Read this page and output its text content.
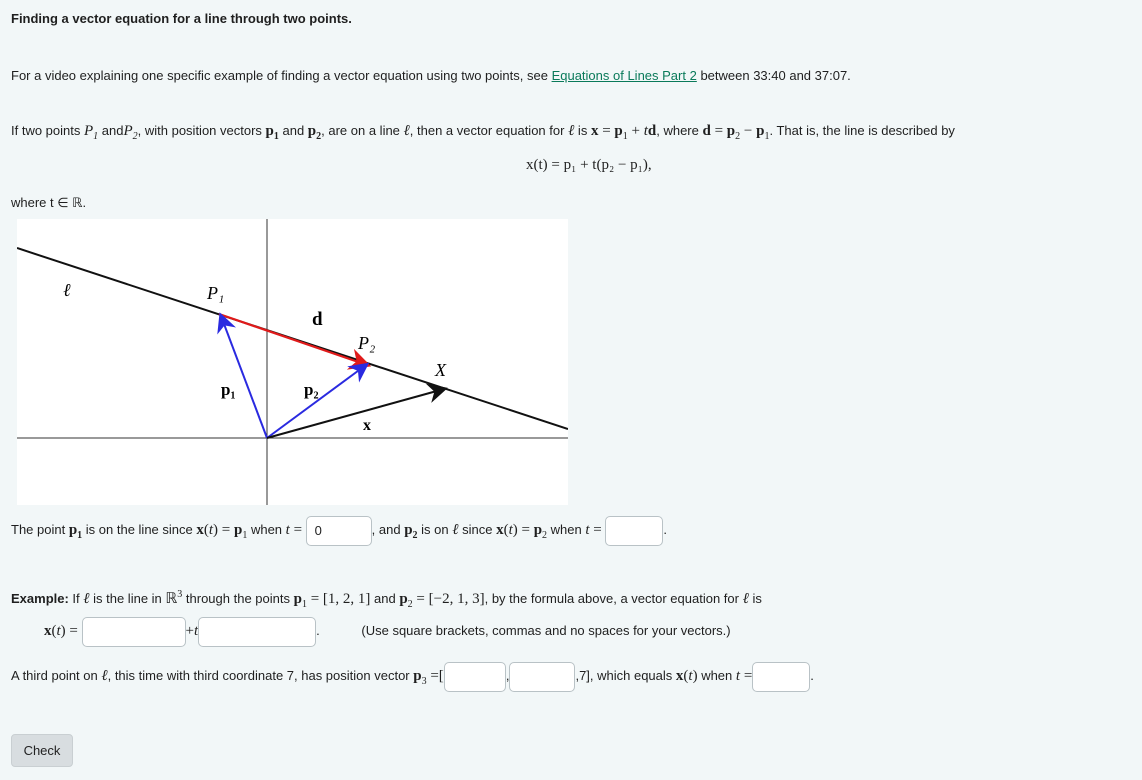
Finding a vector equation for a line through two points.
For a video explaining one specific example of finding a vector equation using two points, see Equations of Lines Part 2 between 33:40 and 37:07.
If two points $P_1$ andP$_2$, with position vectors $p_1$ and $p_2$, are on a line ℓ, then a vector equation for ℓ is $x = p_1$ + td, where $d = p_2 - p_1$. That is, the line is described by
x(t) = p₁ + t(p₂ − p₁),
where t ∈ ℝ.
ℓ	P₁
d
P₂
X
p₁	p₂
x
The point $p_1$ is on the line since $x(t) = p_1$ when t = 0	, and $p_2$ is on ℓ since $x(t) = p_2$ when t =	.
Example: If ℓ is the line in ℝ$^3$ through the points $p_1 = [1$, 2, 1] and $p_2 = [-2$, 1, 3], by the formula above, a vector equation for ℓ is
x(t) =	+t	.	(Use square brackets, commas and no spaces for your vectors.)
A third point on ℓ, this time with third coordinate 7, has position vector $p_3$ =[	,	,7], which equals x(t) when t =	.
Check
